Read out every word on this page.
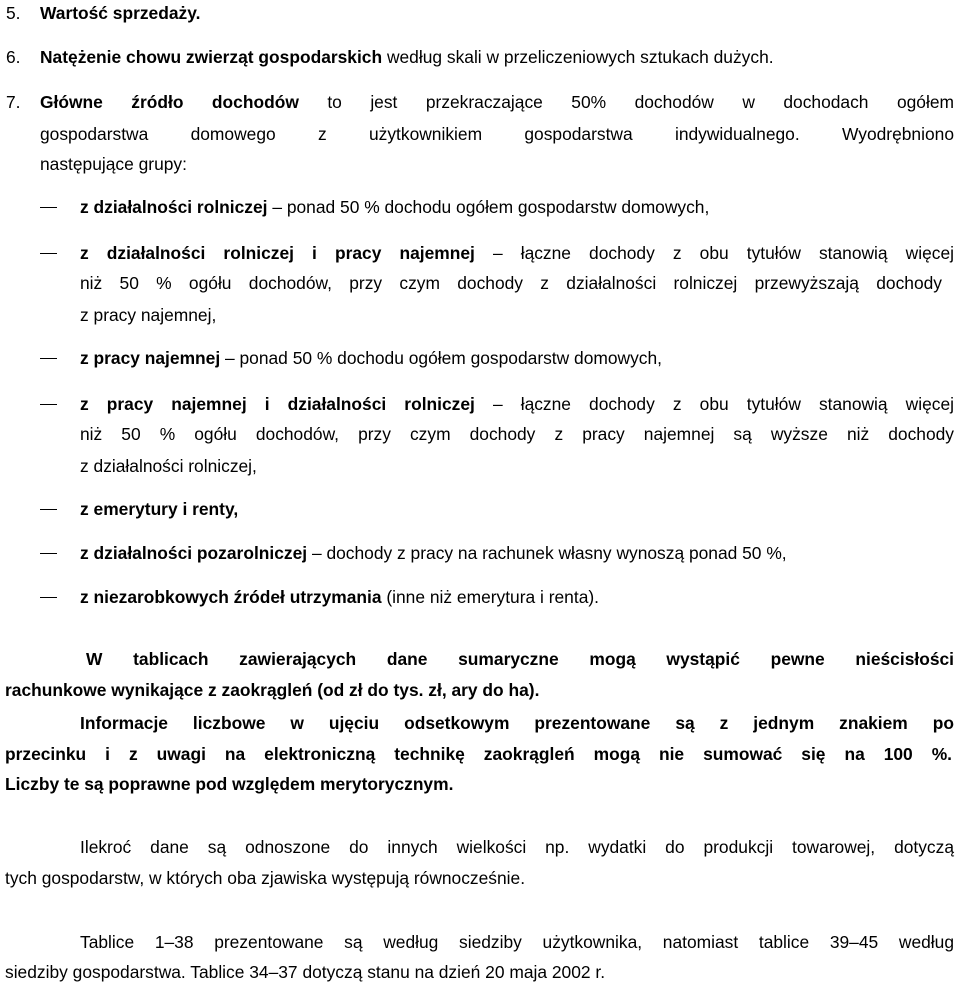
5. Wartość sprzedaży.
6. Natężenie chowu zwierząt gospodarskich według skali w przeliczeniowych sztukach dużych.
7. Główne źródło dochodów to jest przekraczające 50% dochodów w dochodach ogółem
gospodarstwa domowego z użytkownikiem gospodarstwa indywidualnego. Wyodrębniono
następujące grupy:
z działalności rolniczej – ponad 50 % dochodu ogółem gospodarstw domowych,
z działalności rolniczej i pracy najemnej – łączne dochody z obu tytułów stanowią więcej
niż 50 % ogółu dochodów, przy czym dochody z działalności rolniczej przewyższają dochody
z pracy najemnej,
z pracy najemnej – ponad 50 % dochodu ogółem gospodarstw domowych,
z pracy najemnej i działalności rolniczej – łączne dochody z obu tytułów stanowią więcej
niż 50 % ogółu dochodów, przy czym dochody z pracy najemnej są wyższe niż dochody
z działalności rolniczej,
z emerytury i renty,
z działalności pozarolniczej – dochody z pracy na rachunek własny wynoszą ponad 50 %,
z niezarobkowych źródeł utrzymania (inne niż emerytura i renta).
W tablicach zawierających dane sumaryczne mogą wystąpić pewne nieścisłości
rachunkowe wynikające z zaokrągleń (od zł do tys. zł, ary do ha).
Informacje liczbowe w ujęciu odsetkowym prezentowane są z jednym znakiem po
przecinku i z uwagi na elektroniczną technikę zaokrągleń mogą nie sumować się na 100 %.
Liczby te są poprawne pod względem merytorycznym.
Ilekroć dane są odnoszone do innych wielkości np. wydatki do produkcji towarowej, dotyczą
tych gospodarstw, w których oba zjawiska występują równocześnie.
Tablice 1–38 prezentowane są według siedziby użytkownika, natomiast tablice 39–45 według
siedziby gospodarstwa. Tablice 34–37 dotyczą stanu na dzień 20 maja 2002 r.
